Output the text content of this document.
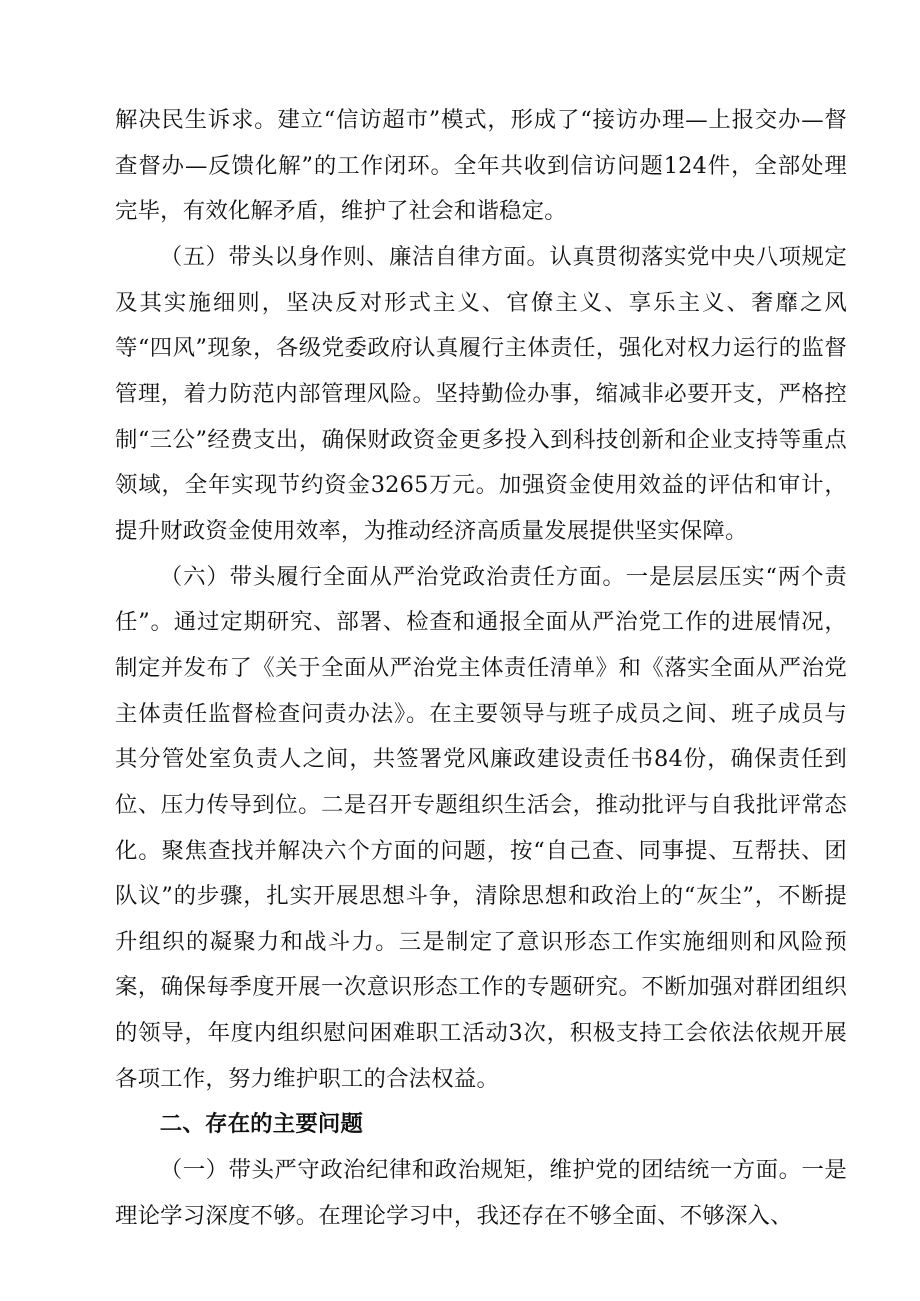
解决民生诉求。建立“信访超市”模式，形成了“接访办理—上报交办—督查督办—反馈化解”的工作闭环。全年共收到信访问题124件，全部处理完毕，有效化解矛盾，维护了社会和谐稳定。

（五）带头以身作则、廉洁自律方面。认真贯彻落实党中央八项规定及其实施细则，坚决反对形式主义、官僚主义、享乐主义、奢靡之风等“四风”现象，各级党委政府认真履行主体责任，强化对权力运行的监督管理，着力防范内部管理风险。坚持勤俭办事，缩减非必要开支，严格控制“三公”经费支出，确保财政资金更多投入到科技创新和企业支持等重点领域，全年实现节约资金3265万元。加强资金使用效益的评估和审计，提升财政资金使用效率，为推动经济高质量发展提供坚实保障。

（六）带头履行全面从严治党政治责任方面。一是层层压实“两个责任”。通过定期研究、部署、检查和通报全面从严治党工作的进展情况，制定并发布了《关于全面从严治党主体责任清单》和《落实全面从严治党主体责任监督检查问责办法》。在主要领导与班子成员之间、班子成员与其分管处室负责人之间，共签署党风廉政建设责任书84份，确保责任到位、压力传导到位。二是召开专题组织生活会，推动批评与自我批评常态化。聚焦查找并解决六个方面的问题，按“自己查、同事提、互帮扶、团队议”的步骤，扎实开展思想斗争，清除思想和政治上的“灰尘”，不断提升组织的凝聚力和战斗力。三是制定了意识形态工作实施细则和风险预案，确保每季度开展一次意识形态工作的专题研究。不断加强对群团组织的领导，年度内组织慰问困难职工活动3次，积极支持工会依法依规开展各项工作，努力维护职工的合法权益。

二、存在的主要问题

（一）带头严守政治纪律和政治规矩，维护党的团结统一方面。一是理论学习深度不够。在理论学习中，我还存在不够全面、不够深入、
